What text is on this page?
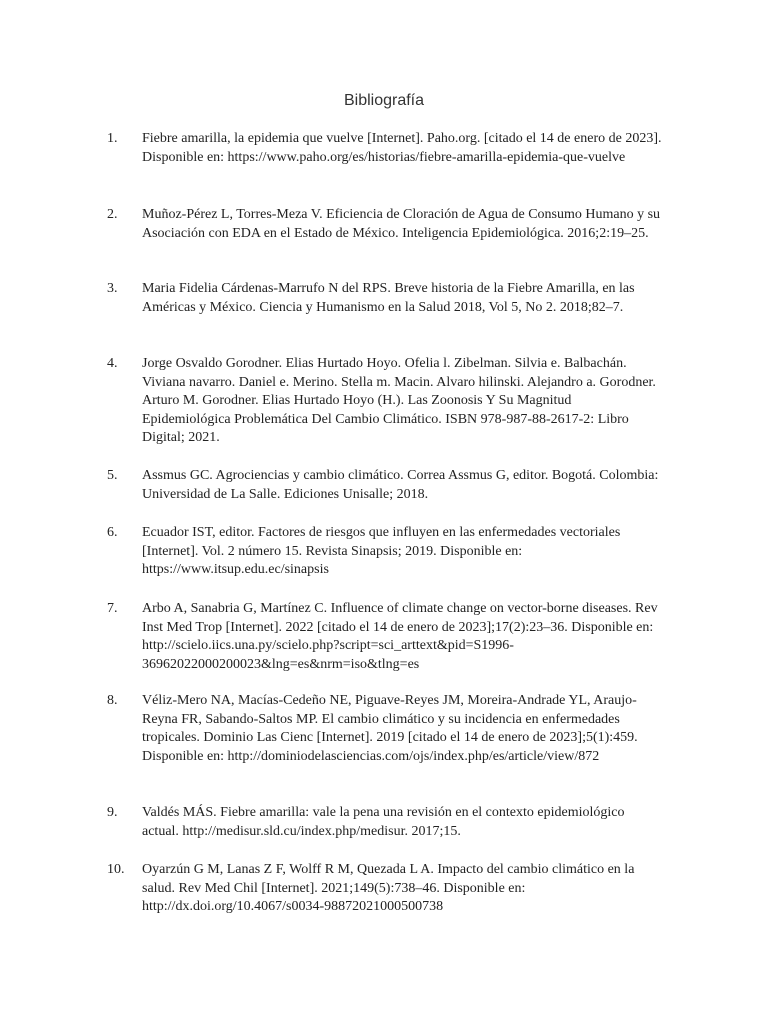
Bibliografía
1.	Fiebre amarilla, la epidemia que vuelve [Internet]. Paho.org. [citado el 14 de enero de 2023]. Disponible en: https://www.paho.org/es/historias/fiebre-amarilla-epidemia-que-vuelve
2.	Muñoz-Pérez L, Torres-Meza V. Eficiencia de Cloración de Agua de Consumo Humano y su Asociación con EDA en el Estado de México. Inteligencia Epidemiológica. 2016;2:19–25.
3.	Maria Fidelia Cárdenas-Marrufo N del RPS. Breve historia de la Fiebre Amarilla, en las Américas y México. Ciencia y Humanismo en la Salud 2018, Vol 5, No 2. 2018;82–7.
4.	Jorge Osvaldo Gorodner. Elias Hurtado Hoyo. Ofelia l. Zibelman. Silvia e. Balbachán. Viviana navarro. Daniel e. Merino. Stella m. Macin. Alvaro hilinski. Alejandro a. Gorodner. Arturo M. Gorodner. Elias Hurtado Hoyo (H.). Las Zoonosis Y Su Magnitud Epidemiológica Problemática Del Cambio Climático. ISBN 978-987-88-2617-2: Libro Digital; 2021.
5.	Assmus GC. Agrociencias y cambio climático. Correa Assmus G, editor. Bogotá. Colombia: Universidad de La Salle. Ediciones Unisalle; 2018.
6.	Ecuador IST, editor. Factores de riesgos que influyen en las enfermedades vectoriales [Internet]. Vol. 2 número 15. Revista Sinapsis; 2019. Disponible en: https://www.itsup.edu.ec/sinapsis
7.	Arbo A, Sanabria G, Martínez C. Influence of climate change on vector-borne diseases. Rev Inst Med Trop [Internet]. 2022 [citado el 14 de enero de 2023];17(2):23–36. Disponible en: http://scielo.iics.una.py/scielo.php?script=sci_arttext&pid=S1996-36962022000200023&lng=es&nrm=iso&tlng=es
8.	Véliz-Mero NA, Macías-Cedeño NE, Piguave-Reyes JM, Moreira-Andrade YL, Araujo-Reyna FR, Sabando-Saltos MP. El cambio climático y su incidencia en enfermedades tropicales. Dominio Las Cienc [Internet]. 2019 [citado el 14 de enero de 2023];5(1):459. Disponible en: http://dominiodelasciencias.com/ojs/index.php/es/article/view/872
9.	Valdés MÁS. Fiebre amarilla: vale la pena una revisión en el contexto epidemiológico actual. http://medisur.sld.cu/index.php/medisur. 2017;15.
10.	Oyarzún G M, Lanas Z F, Wolff R M, Quezada L A. Impacto del cambio climático en la salud. Rev Med Chil [Internet]. 2021;149(5):738–46. Disponible en: http://dx.doi.org/10.4067/s0034-98872021000500738
